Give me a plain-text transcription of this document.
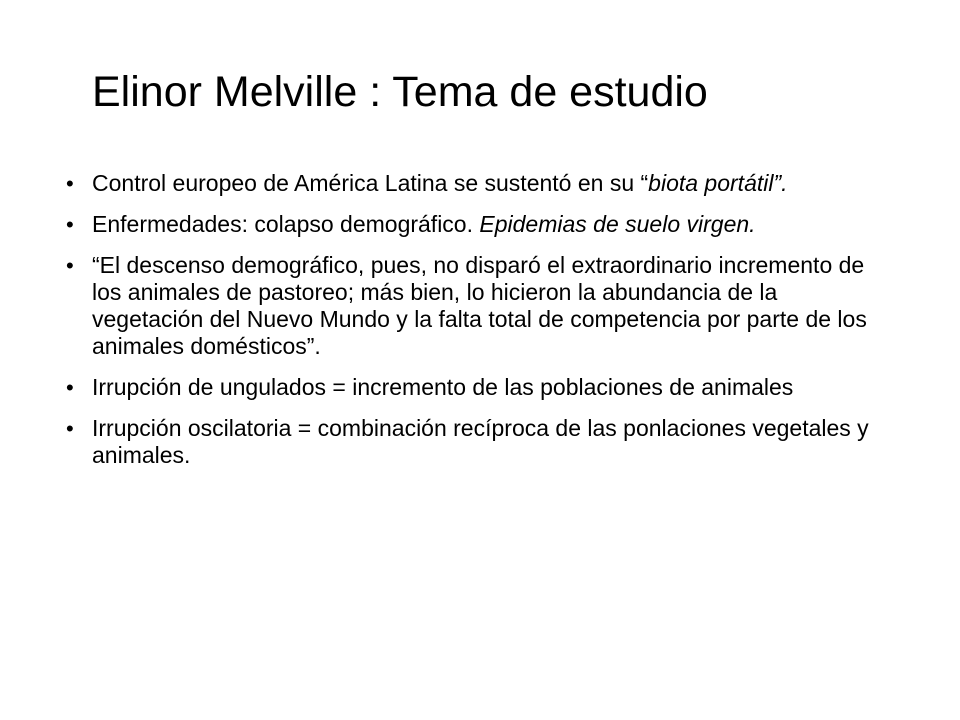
Elinor Melville : Tema de estudio
• Control europeo de América Latina se sustentó en su “biota portátil”.
• Enfermedades: colapso demográfico. Epidemias de suelo virgen.
• “El descenso demográfico, pues, no disparó el extraordinario incremento de los animales de pastoreo; más bien, lo hicieron la abundancia de la vegetación del Nuevo Mundo y la falta total de competencia por parte de los animales domésticos”.
• Irrupción de ungulados = incremento de las poblaciones de animales
• Irrupción oscilatoria = combinación recíproca de las ponlaciones vegetales y animales.
